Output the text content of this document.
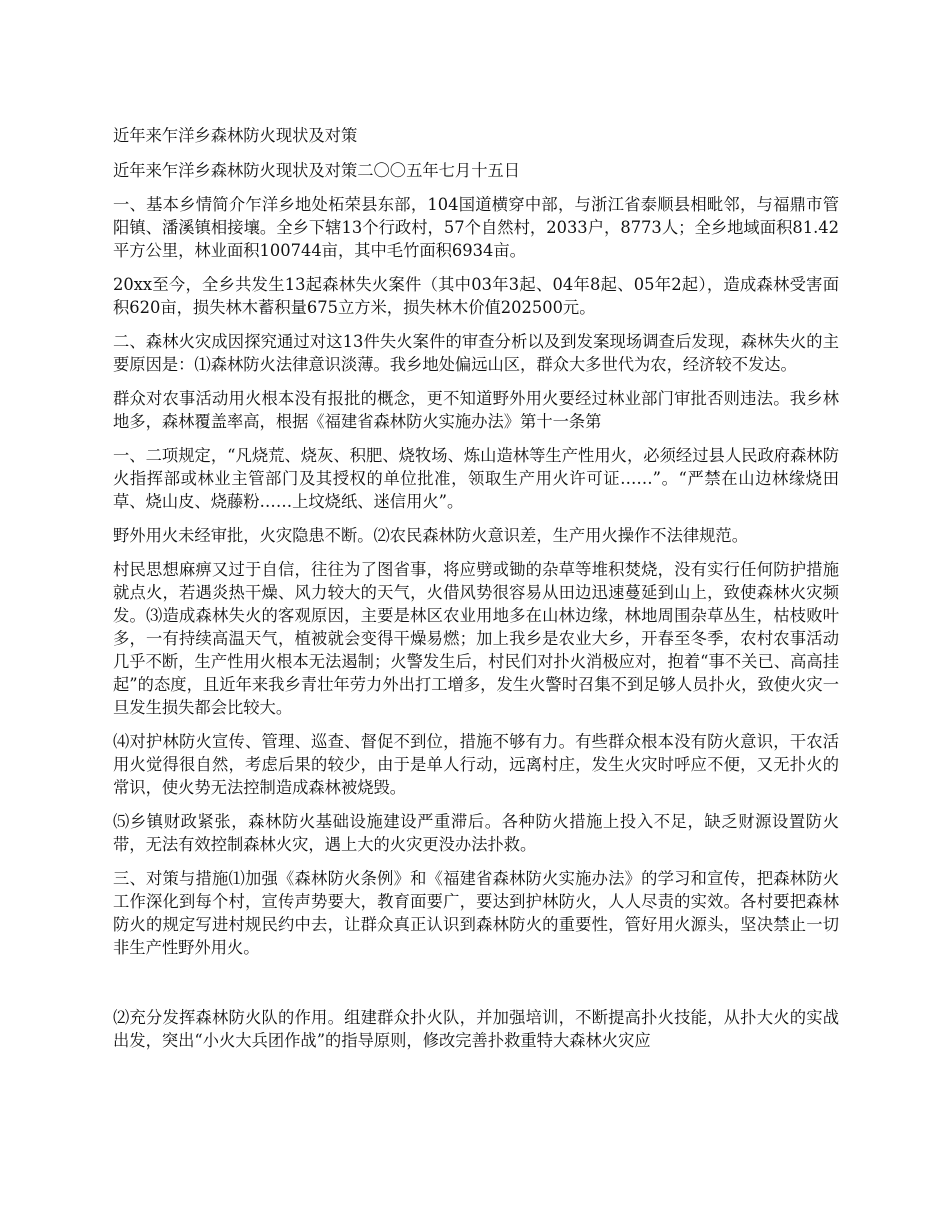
近年来乍洋乡森林防火现状及对策

近年来乍洋乡森林防火现状及对策二〇〇五年七月十五日

一、基本乡情简介乍洋乡地处柘荣县东部，104国道横穿中部，与浙江省泰顺县相毗邻，与福鼎市管阳镇、潘溪镇相接壤。全乡下辖13个行政村，57个自然村，2033户，8773人；全乡地域面积81.42平方公里，林业面积100744亩，其中毛竹面积6934亩。

20xx至今，全乡共发生13起森林失火案件（其中03年3起、04年8起、05年2起），造成森林受害面积620亩，损失林木蓄积量675立方米，损失林木价值202500元。

二、森林火灾成因探究通过对这13件失火案件的审查分析以及到发案现场调查后发现，森林失火的主要原因是：⑴森林防火法律意识淡薄。我乡地处偏远山区，群众大多世代为农，经济较不发达。

群众对农事活动用火根本没有报批的概念，更不知道野外用火要经过林业部门审批否则违法。我乡林地多，森林覆盖率高，根据《福建省森林防火实施办法》第十一条第

一、二项规定，“凡烧荒、烧灰、积肥、烧牧场、炼山造林等生产性用火，必须经过县人民政府森林防火指挥部或林业主管部门及其授权的单位批准，领取生产用火许可证……”。“严禁在山边林缘烧田草、烧山皮、烧藤粉……上坟烧纸、迷信用火”。

野外用火未经审批，火灾隐患不断。⑵农民森林防火意识差，生产用火操作不法律规范。

村民思想麻痹又过于自信，往往为了图省事，将应劈或锄的杂草等堆积焚烧，没有实行任何防护措施就点火，若遇炎热干燥、风力较大的天气，火借风势很容易从田边迅速蔓延到山上，致使森林火灾频发。⑶造成森林失火的客观原因，主要是林区农业用地多在山林边缘，林地周围杂草丛生，枯枝败叶多，一有持续高温天气，植被就会变得干燥易燃；加上我乡是农业大乡，开春至冬季，农村农事活动几乎不断，生产性用火根本无法遏制；火警发生后，村民们对扑火消极应对，抱着“事不关已、高高挂起”的态度，且近年来我乡青壮年劳力外出打工增多，发生火警时召集不到足够人员扑火，致使火灾一旦发生损失都会比较大。

⑷对护林防火宣传、管理、巡查、督促不到位，措施不够有力。有些群众根本没有防火意识，干农活用火觉得很自然，考虑后果的较少，由于是单人行动，远离村庄，发生火灾时呼应不便，又无扑火的常识，使火势无法控制造成森林被烧毁。

⑸乡镇财政紧张，森林防火基础设施建设严重滞后。各种防火措施上投入不足，缺乏财源设置防火带，无法有效控制森林火灾，遇上大的火灾更没办法扑救。

三、对策与措施⑴加强《森林防火条例》和《福建省森林防火实施办法》的学习和宣传，把森林防火工作深化到每个村，宣传声势要大，教育面要广，要达到护林防火，人人尽责的实效。各村要把森林防火的规定写进村规民约中去，让群众真正认识到森林防火的重要性，管好用火源头，坚决禁止一切非生产性野外用火。

⑵充分发挥森林防火队的作用。组建群众扑火队，并加强培训，不断提高扑火技能，从扑大火的实战出发，突出“小火大兵团作战”的指导原则，修改完善扑救重特大森林火灾应
